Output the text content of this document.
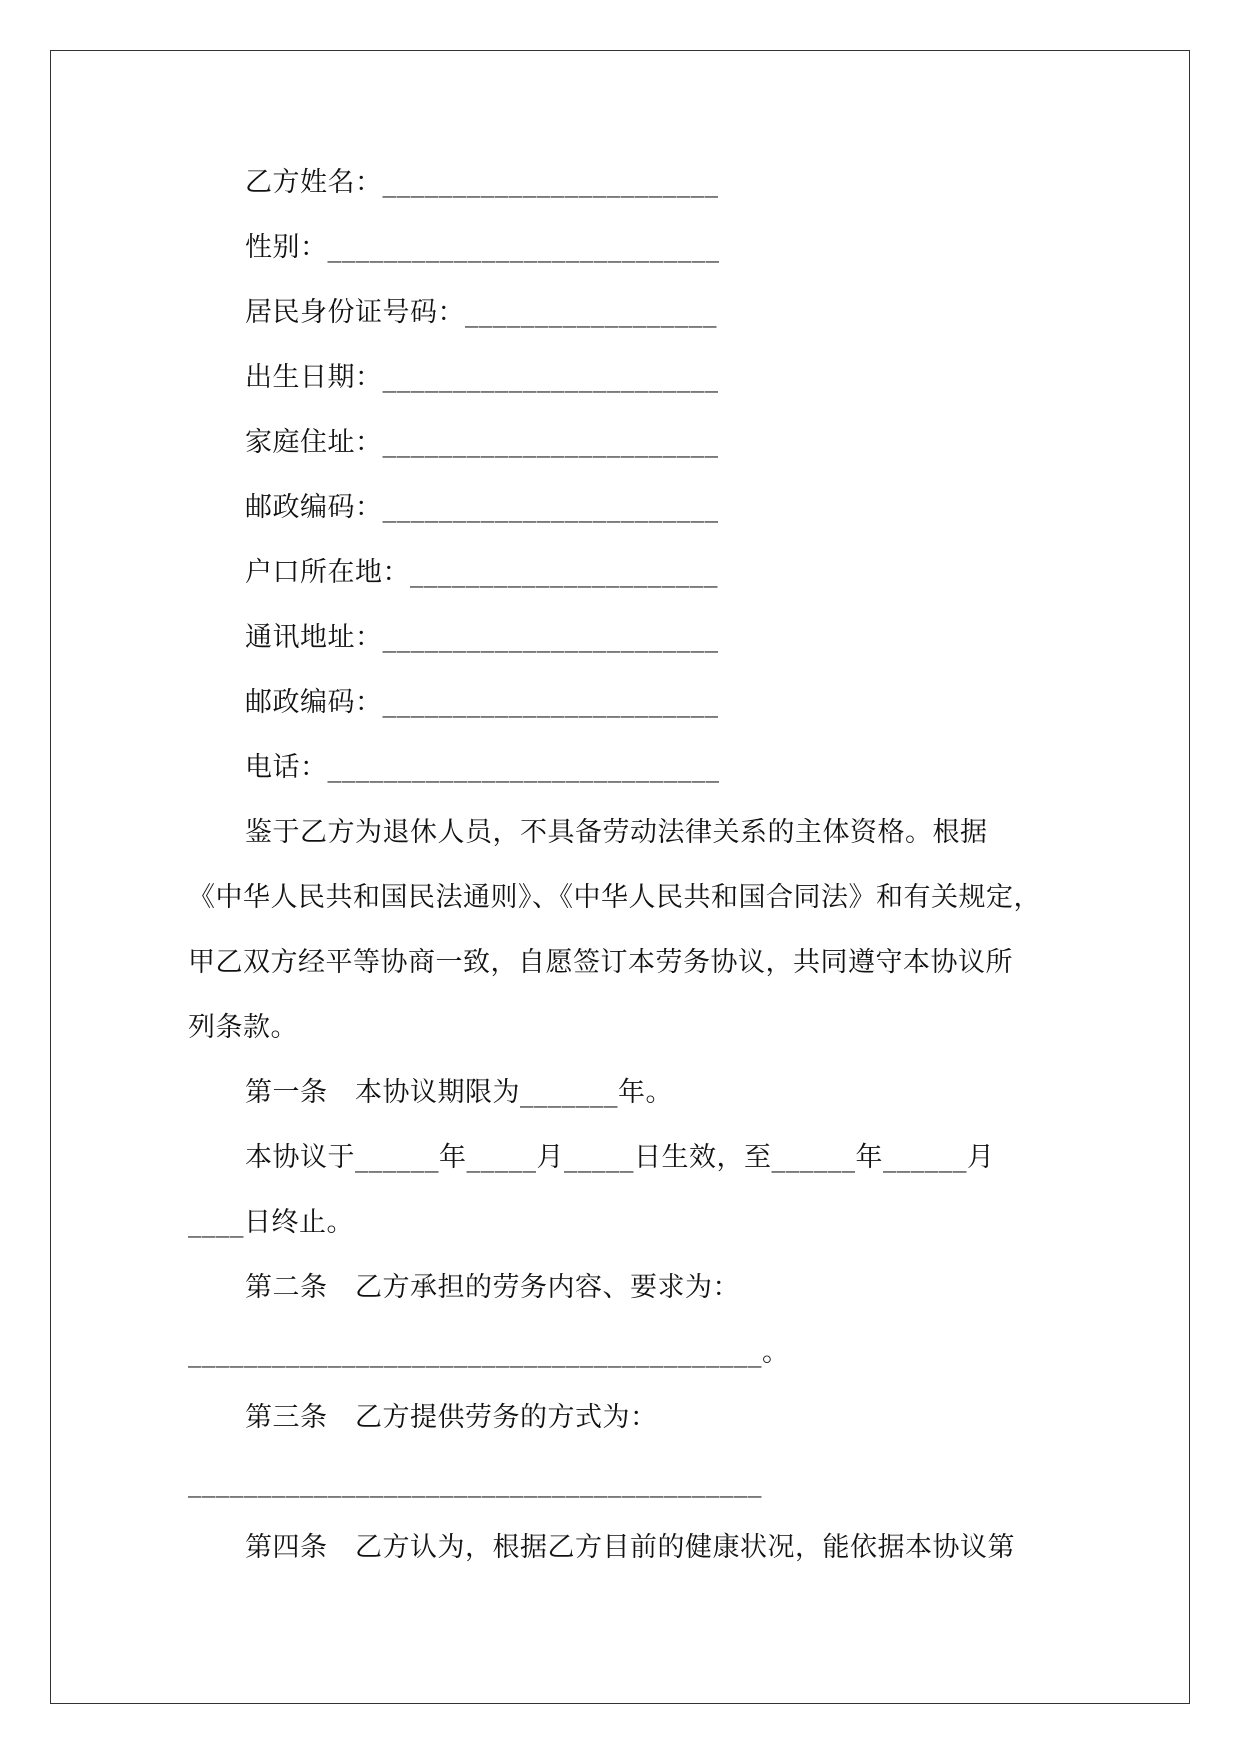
乙方姓名：________________________
性别：____________________________
居民身份证号码：__________________
出生日期：________________________
家庭住址：________________________
邮政编码：________________________
户口所在地：______________________
通讯地址：________________________
邮政编码：________________________
电话：____________________________
鉴于乙方为退休人员，不具备劳动法律关系的主体资格。根据
《中华人民共和国民法通则》、《中华人民共和国合同法》和有关规定，
甲乙双方经平等协商一致，自愿签订本劳务协议，共同遵守本协议所
列条款。
第一条　本协议期限为_______年。
本协议于______年_____月_____日生效，至______年______月
____日终止。
第二条　乙方承担的劳务内容、要求为：
_________________________________________。
第三条　乙方提供劳务的方式为：
_________________________________________
第四条　乙方认为，根据乙方目前的健康状况，能依据本协议第
